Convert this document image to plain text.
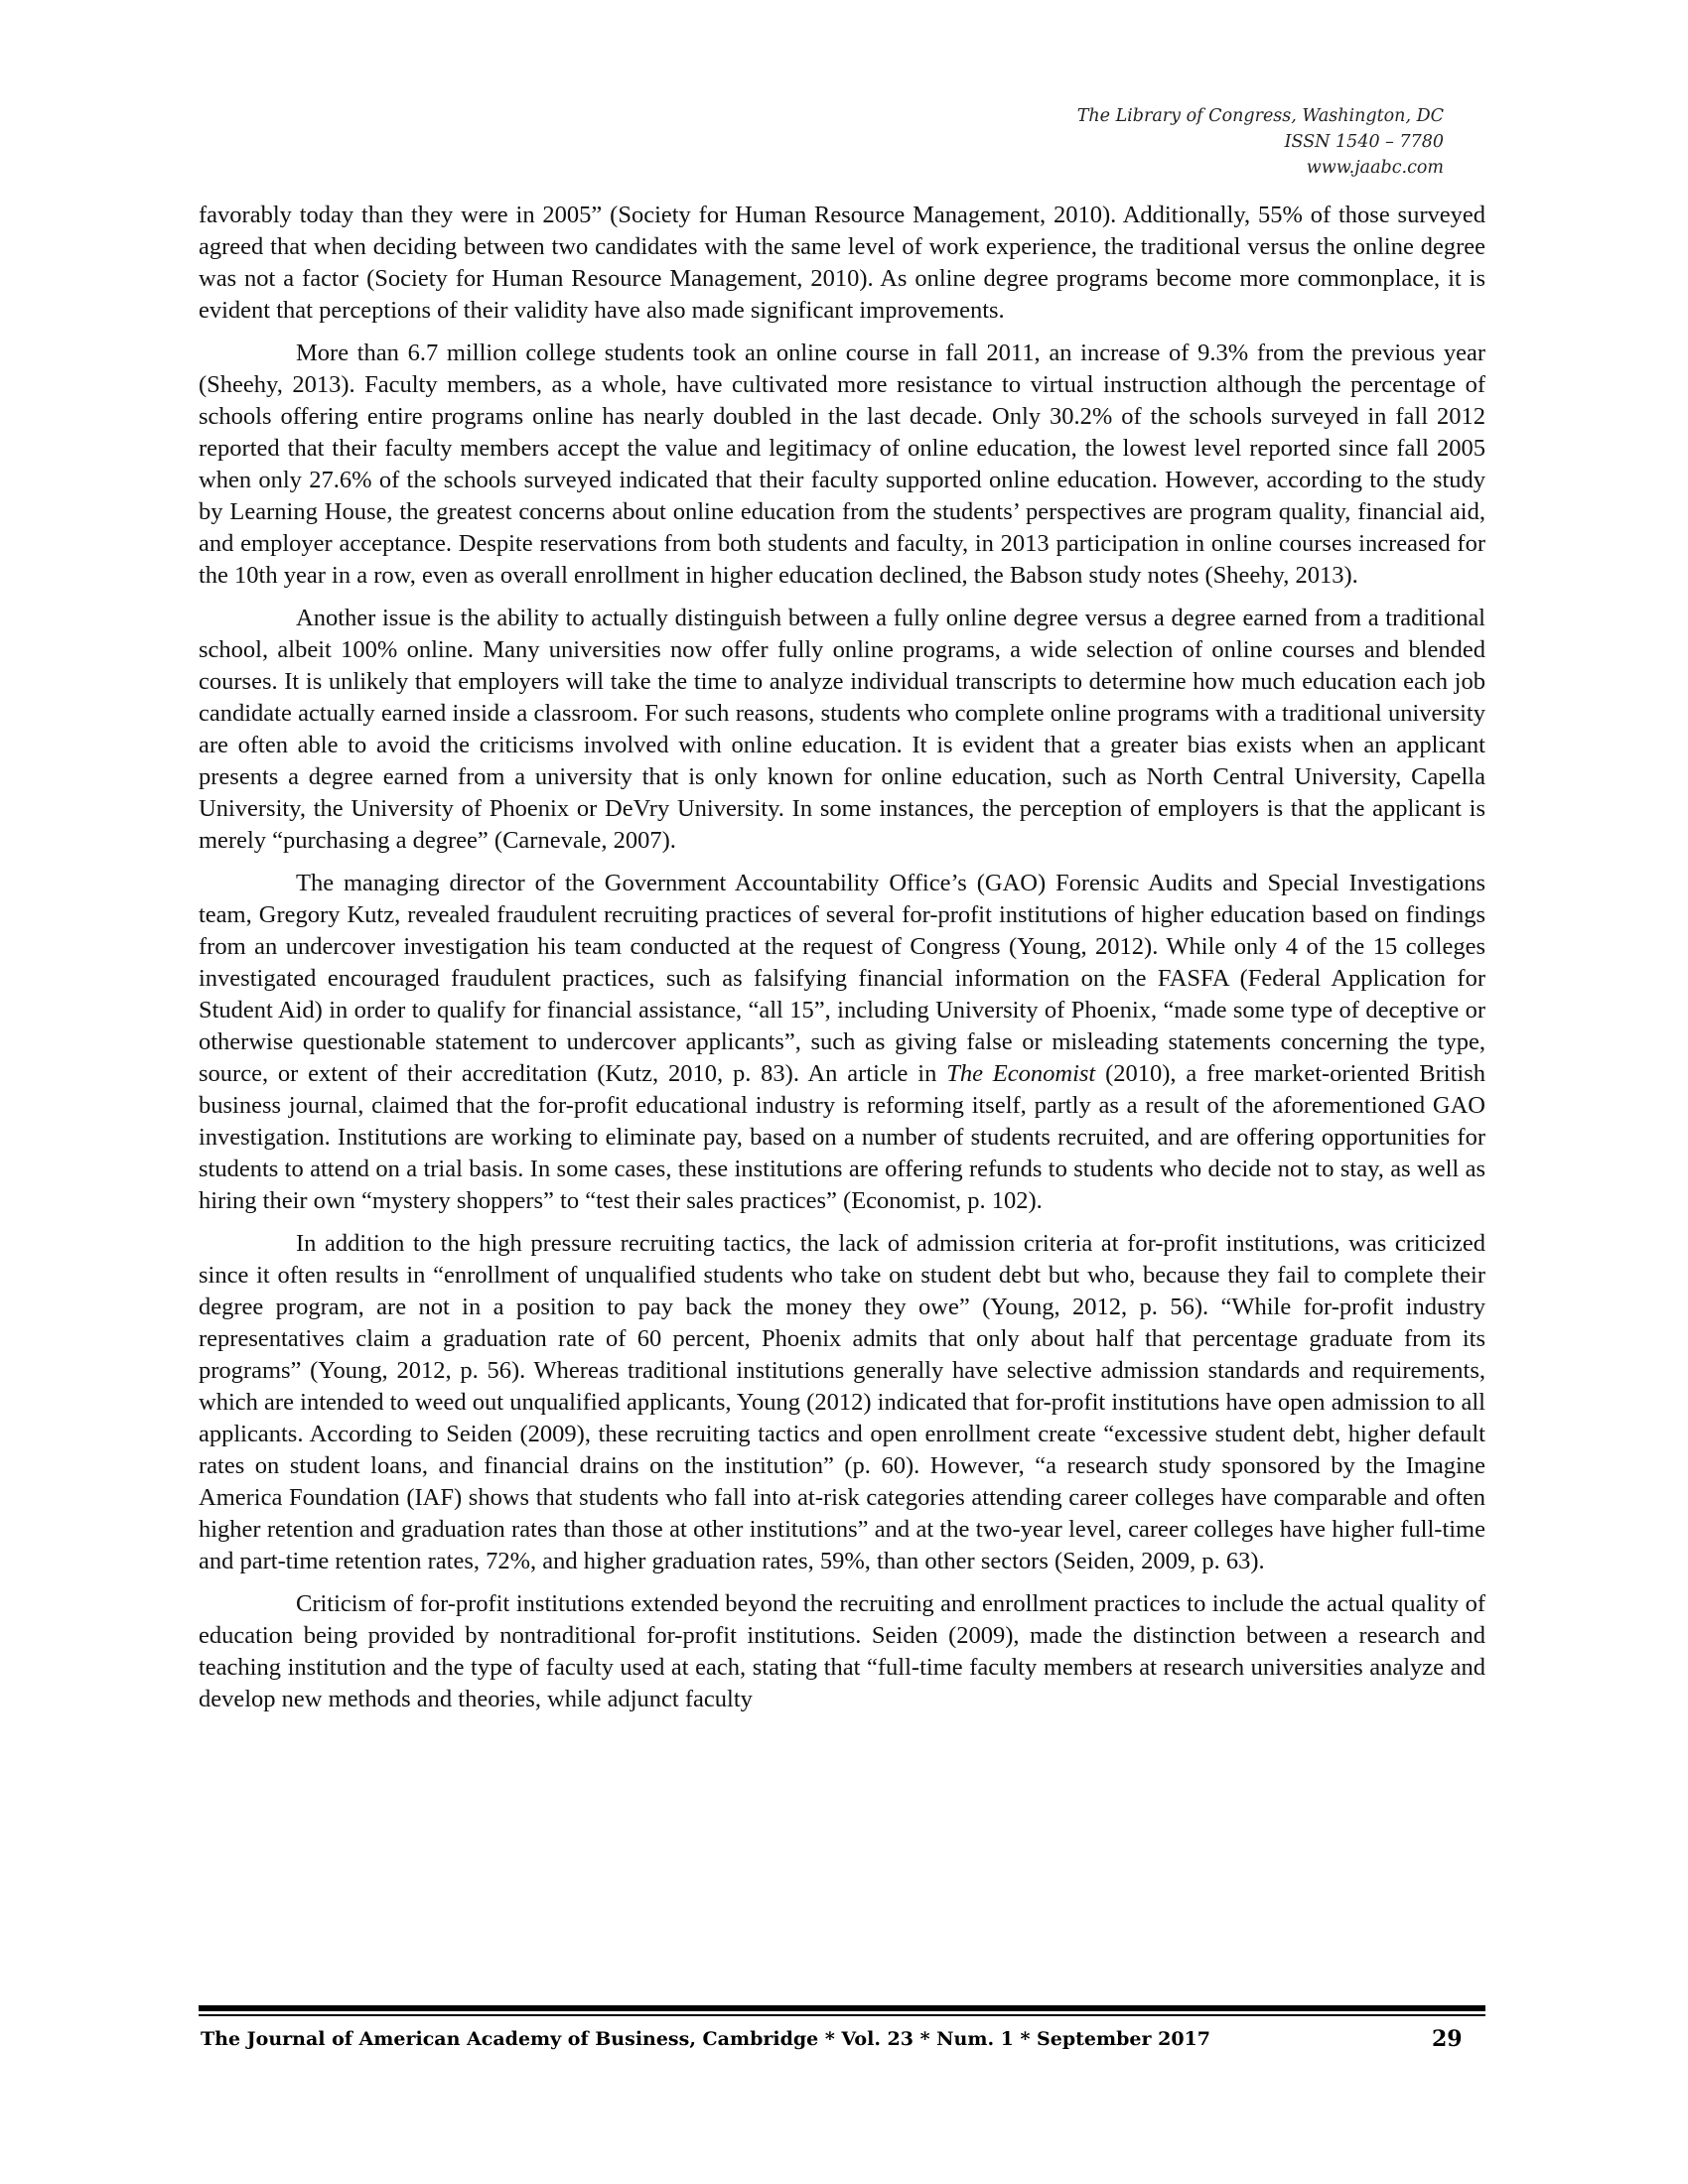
The Library of Congress, Washington, DC
ISSN 1540 – 7780
www.jaabc.com

favorably today than they were in 2005” (Society for Human Resource Management, 2010). Additionally, 55% of those surveyed agreed that when deciding between two candidates with the same level of work experience, the traditional versus the online degree was not a factor (Society for Human Resource Management, 2010). As online degree programs become more commonplace, it is evident that perceptions of their validity have also made significant improvements.

More than 6.7 million college students took an online course in fall 2011, an increase of 9.3% from the previous year (Sheehy, 2013). Faculty members, as a whole, have cultivated more resistance to virtual instruction although the percentage of schools offering entire programs online has nearly doubled in the last decade. Only 30.2% of the schools surveyed in fall 2012 reported that their faculty members accept the value and legitimacy of online education, the lowest level reported since fall 2005 when only 27.6% of the schools surveyed indicated that their faculty supported online education. However, according to the study by Learning House, the greatest concerns about online education from the students’ perspectives are program quality, financial aid, and employer acceptance. Despite reservations from both students and faculty, in 2013 participation in online courses increased for the 10th year in a row, even as overall enrollment in higher education declined, the Babson study notes (Sheehy, 2013).

Another issue is the ability to actually distinguish between a fully online degree versus a degree earned from a traditional school, albeit 100% online. Many universities now offer fully online programs, a wide selection of online courses and blended courses. It is unlikely that employers will take the time to analyze individual transcripts to determine how much education each job candidate actually earned inside a classroom. For such reasons, students who complete online programs with a traditional university are often able to avoid the criticisms involved with online education. It is evident that a greater bias exists when an applicant presents a degree earned from a university that is only known for online education, such as North Central University, Capella University, the University of Phoenix or DeVry University. In some instances, the perception of employers is that the applicant is merely “purchasing a degree” (Carnevale, 2007).

The managing director of the Government Accountability Office’s (GAO) Forensic Audits and Special Investigations team, Gregory Kutz, revealed fraudulent recruiting practices of several for-profit institutions of higher education based on findings from an undercover investigation his team conducted at the request of Congress (Young, 2012). While only 4 of the 15 colleges investigated encouraged fraudulent practices, such as falsifying financial information on the FASFA (Federal Application for Student Aid) in order to qualify for financial assistance, “all 15”, including University of Phoenix, “made some type of deceptive or otherwise questionable statement to undercover applicants”, such as giving false or misleading statements concerning the type, source, or extent of their accreditation (Kutz, 2010, p. 83). An article in The Economist (2010), a free market-oriented British business journal, claimed that the for-profit educational industry is reforming itself, partly as a result of the aforementioned GAO investigation. Institutions are working to eliminate pay, based on a number of students recruited, and are offering opportunities for students to attend on a trial basis. In some cases, these institutions are offering refunds to students who decide not to stay, as well as hiring their own “mystery shoppers” to “test their sales practices” (Economist, p. 102).

In addition to the high pressure recruiting tactics, the lack of admission criteria at for-profit institutions, was criticized since it often results in “enrollment of unqualified students who take on student debt but who, because they fail to complete their degree program, are not in a position to pay back the money they owe” (Young, 2012, p. 56). “While for-profit industry representatives claim a graduation rate of 60 percent, Phoenix admits that only about half that percentage graduate from its programs” (Young, 2012, p. 56). Whereas traditional institutions generally have selective admission standards and requirements, which are intended to weed out unqualified applicants, Young (2012) indicated that for-profit institutions have open admission to all applicants. According to Seiden (2009), these recruiting tactics and open enrollment create “excessive student debt, higher default rates on student loans, and financial drains on the institution” (p. 60). However, “a research study sponsored by the Imagine America Foundation (IAF) shows that students who fall into at-risk categories attending career colleges have comparable and often higher retention and graduation rates than those at other institutions” and at the two-year level, career colleges have higher full-time and part-time retention rates, 72%, and higher graduation rates, 59%, than other sectors (Seiden, 2009, p. 63).

Criticism of for-profit institutions extended beyond the recruiting and enrollment practices to include the actual quality of education being provided by nontraditional for-profit institutions. Seiden (2009), made the distinction between a research and teaching institution and the type of faculty used at each, stating that “full-time faculty members at research universities analyze and develop new methods and theories, while adjunct faculty

The Journal of American Academy of Business, Cambridge * Vol. 23 * Num. 1 * September 2017	29
